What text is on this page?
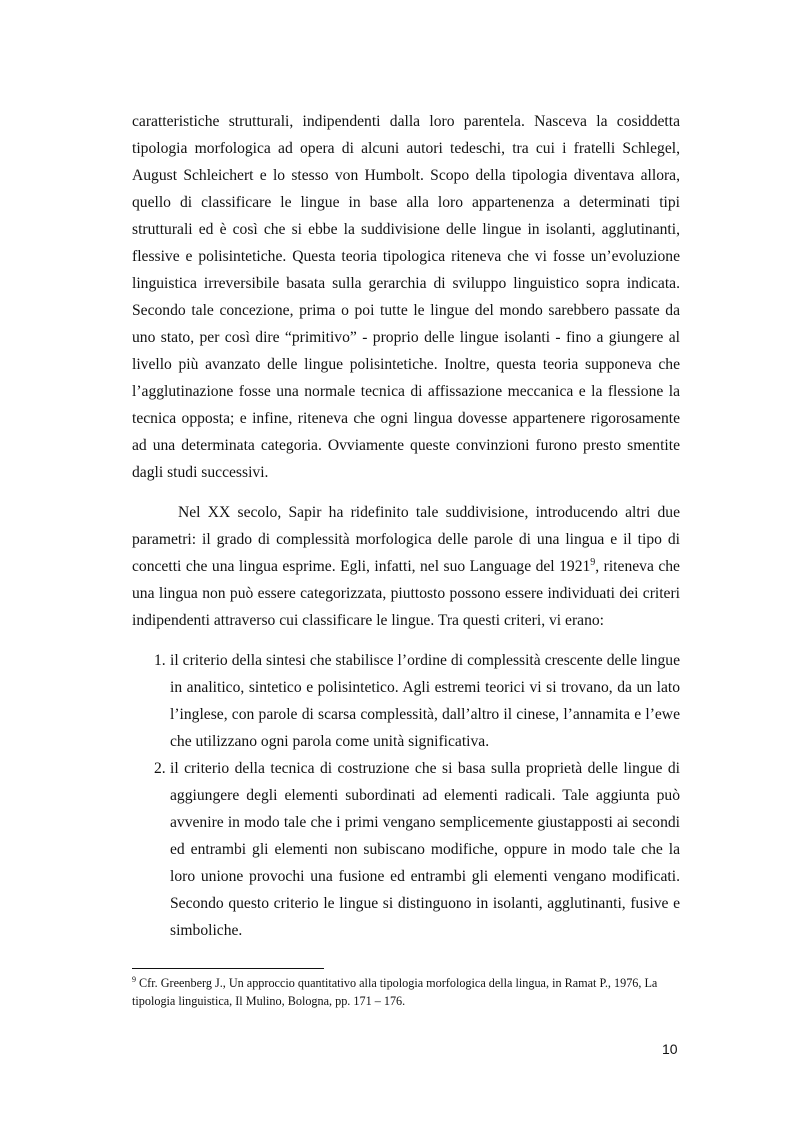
caratteristiche strutturali, indipendenti dalla loro parentela. Nasceva la cosiddetta tipologia morfologica ad opera di alcuni autori tedeschi, tra cui i fratelli Schlegel, August Schleichert e lo stesso von Humbolt. Scopo della tipologia diventava allora, quello di classificare le lingue in base alla loro appartenenza a determinati tipi strutturali ed è così che si ebbe la suddivisione delle lingue in isolanti, agglutinanti, flessive e polisintetiche. Questa teoria tipologica riteneva che vi fosse un’evoluzione linguistica irreversibile basata sulla gerarchia di sviluppo linguistico sopra indicata. Secondo tale concezione, prima o poi tutte le lingue del mondo sarebbero passate da uno stato, per così dire “primitivo” - proprio delle lingue isolanti - fino a giungere al livello più avanzato delle lingue polisintetiche. Inoltre, questa teoria supponeva che l’agglutinazione fosse una normale tecnica di affissazione meccanica e la flessione la tecnica opposta; e infine, riteneva che ogni lingua dovesse appartenere rigorosamente ad una determinata categoria. Ovviamente queste convinzioni furono presto smentite dagli studi successivi.

Nel XX secolo, Sapir ha ridefinito tale suddivisione, introducendo altri due parametri: il grado di complessità morfologica delle parole di una lingua e il tipo di concetti che una lingua esprime. Egli, infatti, nel suo Language del 1921$^9$, riteneva che una lingua non può essere categorizzata, piuttosto possono essere individuati dei criteri indipendenti attraverso cui classificare le lingue. Tra questi criteri, vi erano:

1. il criterio della sintesi che stabilisce l’ordine di complessità crescente delle lingue in analitico, sintetico e polisintetico. Agli estremi teorici vi si trovano, da un lato l’inglese, con parole di scarsa complessità, dall’altro il cinese, l’annamita e l’ewe che utilizzano ogni parola come unità significativa.
2. il criterio della tecnica di costruzione che si basa sulla proprietà delle lingue di aggiungere degli elementi subordinati ad elementi radicali. Tale aggiunta può avvenire in modo tale che i primi vengano semplicemente giustapposti ai secondi ed entrambi gli elementi non subiscano modifiche, oppure in modo tale che la loro unione provochi una fusione ed entrambi gli elementi vengano modificati. Secondo questo criterio le lingue si distinguono in isolanti, agglutinanti, fusive e simboliche.
$^9$ Cfr. Greenberg J., Un approccio quantitativo alla tipologia morfologica della lingua, in Ramat P., 1976, La tipologia linguistica, Il Mulino, Bologna, pp. 171 – 176.
10
